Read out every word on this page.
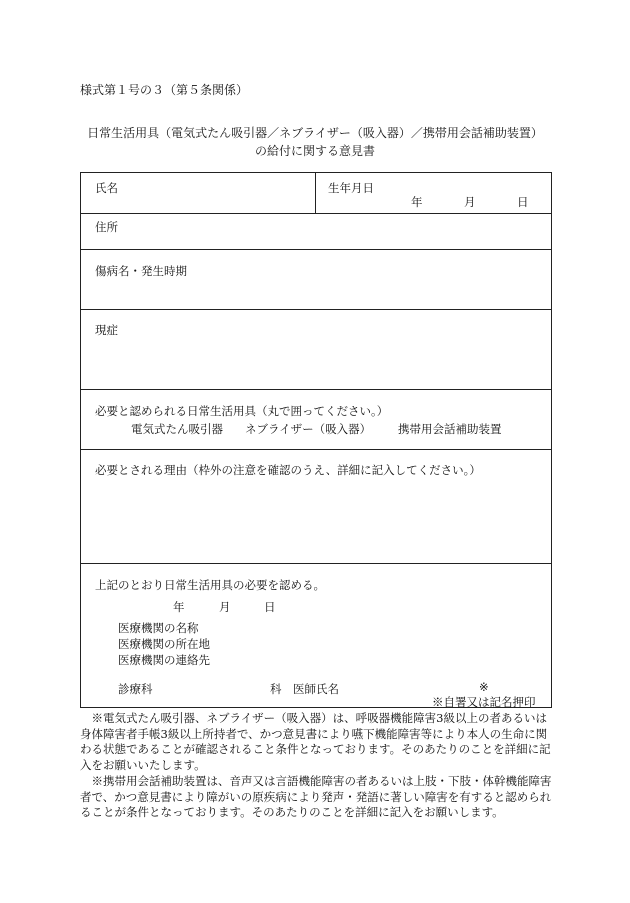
様式第１号の３（第５条関係）
日常生活用具（電気式たん吸引器／ネブライザー（吸入器）／携帯用会話補助装置）
の給付に関する意見書
氏名	生年月日
年	月	日
住所
傷病名・発生時期
現症
必要と認められる日常生活用具（丸で囲ってください。）
電気式たん吸引器 ネブライザー（吸入器） 携帯用会話補助装置
必要とされる理由（枠外の注意を確認のうえ、詳細に記入してください。）
上記のとおり日常生活用具の必要を認める。
年	月	日
医療機関の名称
医療機関の所在地
医療機関の連絡先
診療科	科 医師氏名	※
※自署又は記名押印
※電気式たん吸引器、ネブライザー（吸入器）は、呼吸器機能障害3級以上の者あるいは身体障害者手帳3級以上所持者で、かつ意見書により嚥下機能障害等により本人の生命に関わる状態であることが確認されること条件となっております。そのあたりのことを詳細に記入をお願いいたします。
※携帯用会話補助装置は、音声又は言語機能障害の者あるいは上肢・下肢・体幹機能障害者で、かつ意見書により障がいの原疾病により発声・発語に著しい障害を有すると認められることが条件となっております。そのあたりのことを詳細に記入をお願いします。
